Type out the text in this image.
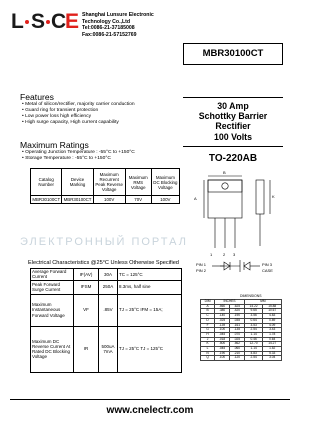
L S C
E Shanghai Lunsure Electronic
Technology Co.,Ltd
Tel:0086-21-37185008
Fax:0086-21-57152769
MBR30100CT
30 Amp
Schottky Barrier
Rectifier
100 Volts
TO-220AB
1	2 3
A
B
K
PIN 1
PIN 2
PIN 3
CASE
DIMENSIONS
DIM	INCHES		MM	
A	.560	.625	14.22	15.88
B	.380	.420	9.65	10.67
C	.140	.190	3.56	4.83
D	.025	.035	0.64	0.89
F	.139	.161	3.53	4.09
G	.100	.135	2.54	3.43
H	.045	.070	1.14	1.78
J	.018	.025	0.46	0.64
K	.500	.562	12.70	14.27
L	.045	.060	1.14	1.52
N	.190	.210	4.83	5.33
Q	.100	.120	2.54	3.04
Features
• Metal of silicon/rectifier, majority carrier conduction
• Guard ring for transient protection
• Low power loss high efficiency
• High surge capacity, High current capability
Maximum Ratings
• Operating Junction Temperature : -55°C to +150°C
• Storage Temperature : -55°C to +150°C
Catalog Number	Device Marking	Maximum Recurrent Peak Reverse Voltage	Maximum RMS Voltage	Maximum DC Blocking Voltage
MBR30100CT	MBR30100CT	100V	70V	100V
ЭЛЕКТРОННЫЙ ПОРТАЛ
Electrical Characteristics @25°C Unless Otherwise Specified
Average Forward Current	IF(AV)	30A	TC = 125°C
Peak Forward Surge Current	IFSM	250A	8.3ms, half sine
Maximum Instantaneous Forward Voltage	VF	.85V	TJ = 25°C IFM = 15A;
Maximum DC Reverse Current At Rated DC Blocking Voltage	IR	500uA 7mA	TJ = 25°C TJ = 125°C
www.cnelectr.com
